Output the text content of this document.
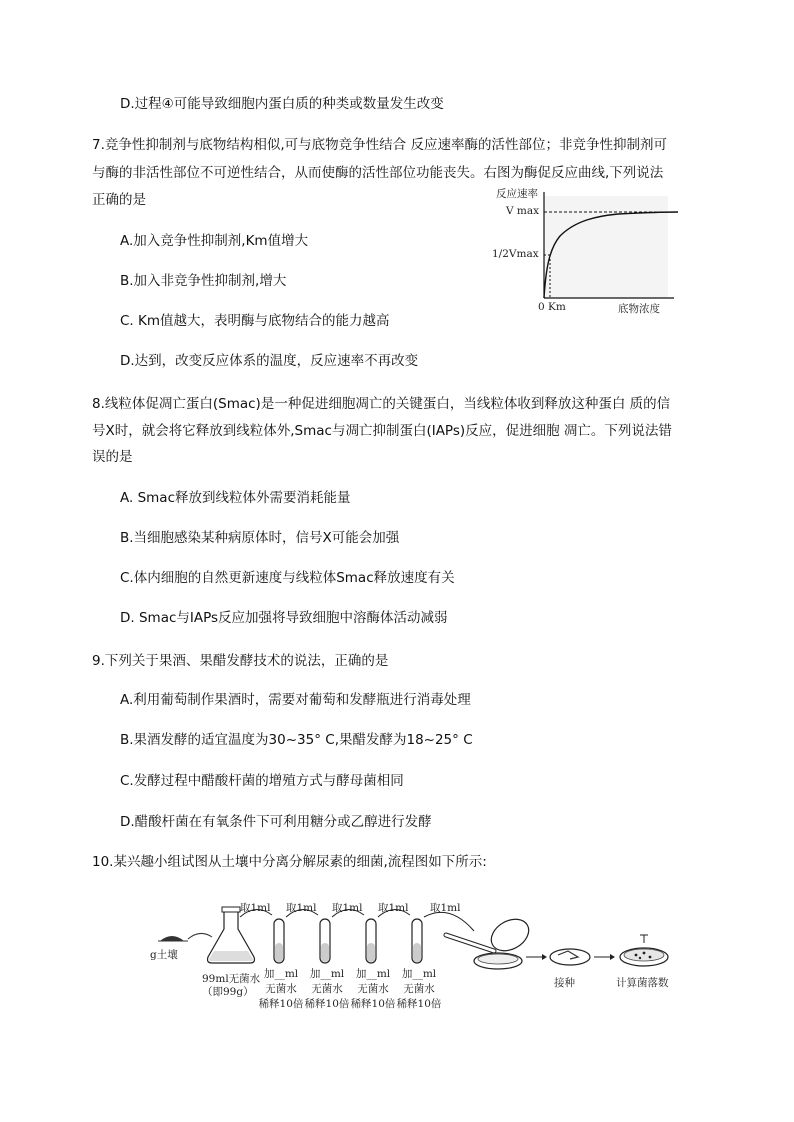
D.过程④可能导致细胞内蛋白质的种类或数量发生改变
7.竞争性抑制剂与底物结构相似,可与底物竞争性结合 反应速率酶的活性部位；非竞争性抑制剂可
与酶的非活性部位不可逆性结合，从而使酶的活性部位功能丧失。右图为酶促反应曲线,下列说法
正确的是
A.加入竞争性抑制剂,Km值增大
B.加入非竞争性抑制剂,增大
C. Km值越大，表明酶与底物结合的能力越高
D.达到，改变反应体系的温度，反应速率不再改变
反应速率
V max
1/2Vmax
0 Km	底物浓度
8.线粒体促凋亡蛋白(Smac)是一种促进细胞凋亡的关键蛋白，当线粒体收到释放这种蛋白 质的信
号X时，就会将它释放到线粒体外,Smac与凋亡抑制蛋白(IAPs)反应，促进细胞 凋亡。下列说法错
误的是
A. Smac释放到线粒体外需要消耗能量
B.当细胞感染某种病原体时，信号X可能会加强
C.体内细胞的自然更新速度与线粒体Smac释放速度有关
D. Smac与IAPs反应加强将导致细胞中溶酶体活动减弱
9.下列关于果酒、果醋发酵技术的说法，正确的是
A.利用葡萄制作果酒时，需要对葡萄和发酵瓶进行消毒处理
B.果酒发酵的适宜温度为30~35° C,果醋发酵为18~25° C
C.发酵过程中醋酸杆菌的增殖方式与酵母菌相同
D.醋酸杆菌在有氧条件下可利用糖分或乙醇进行发酵
10.某兴趣小组试图从土壤中分离分解尿素的细菌,流程图如下所示:
g土壤
99ml无菌水
（即99g）
取1ml 取1ml 取1ml 取1ml 取1ml
加__ml
无菌水
稀释10倍
加__ml
无菌水
稀释10倍
加__ml
无菌水
稀释10倍
加__ml
无菌水
稀释10倍
接种	计算菌落数
